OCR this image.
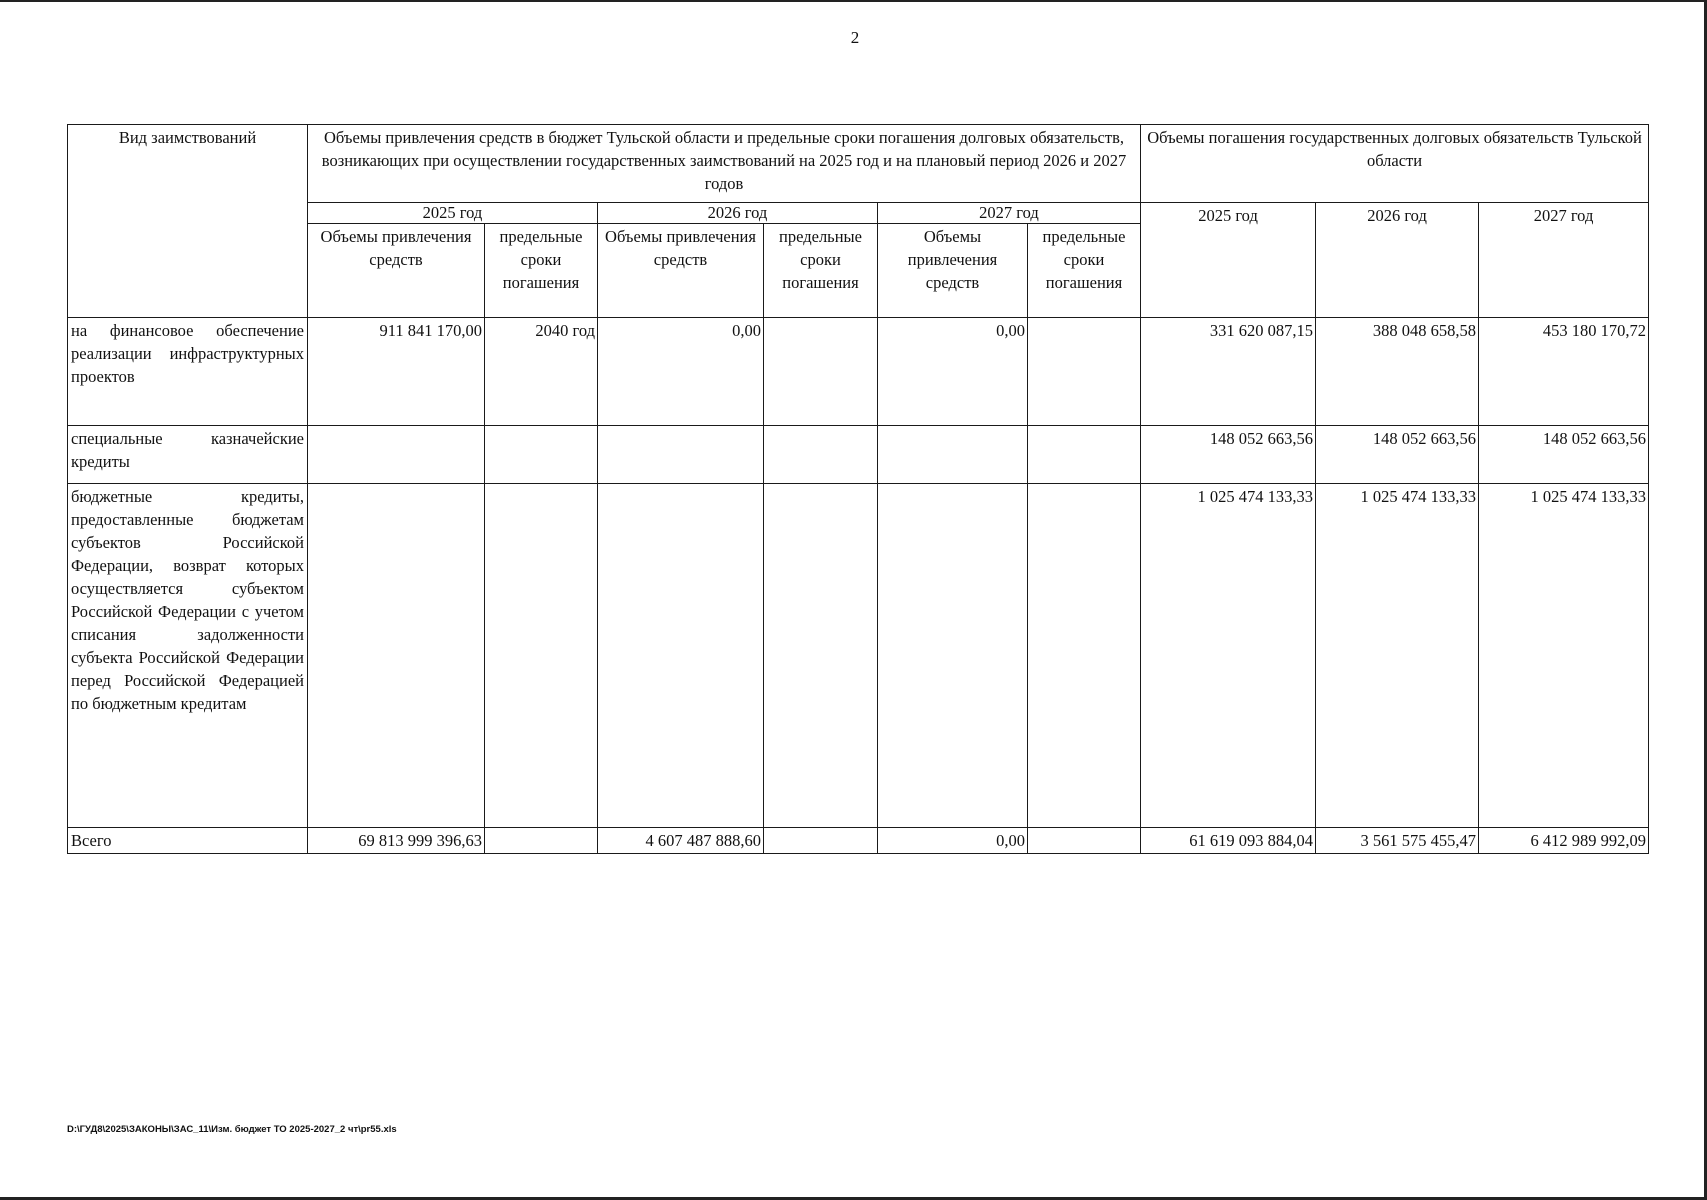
2
Вид заимствований	Объемы привлечения средств в бюджет Тульской области и предельные сроки погашения долговых обязательств, возникающих при осуществлении государственных заимствований на 2025 год и на плановый период 2026 и 2027 годов						Объемы погашения государственных долговых обязательств Тульской области		
	2025 год		2026 год		2027 год		2025 год	2026 год	2027 год
	Объемы привлечения средств	предельные сроки погашения	Объемы привлечения средств	предельные сроки погашения	Объемы привлечения средств	предельные сроки погашения			
на финансовое обеспечение реализации инфраструктурных проектов	911 841 170,00	2040 год	0,00		0,00		331 620 087,15	388 048 658,58	453 180 170,72
специальные казначейские кредиты							148 052 663,56	148 052 663,56	148 052 663,56
бюджетные кредиты, предоставленные бюджетам субъектов Российской Федерации, возврат которых осуществляется субъектом Российской Федерации с учетом списания задолженности субъекта Российской Федерации перед Российской Федерацией по бюджетным кредитам							1 025 474 133,33	1 025 474 133,33	1 025 474 133,33
Всего	69 813 999 396,63		4 607 487 888,60		0,00		61 619 093 884,04	3 561 575 455,47	6 412 989 992,09
D:\ГУД8\2025\ЗАКОНЫ\ЗАС_11\Изм. бюджет ТО 2025-2027_2 чт\pr55.xls
